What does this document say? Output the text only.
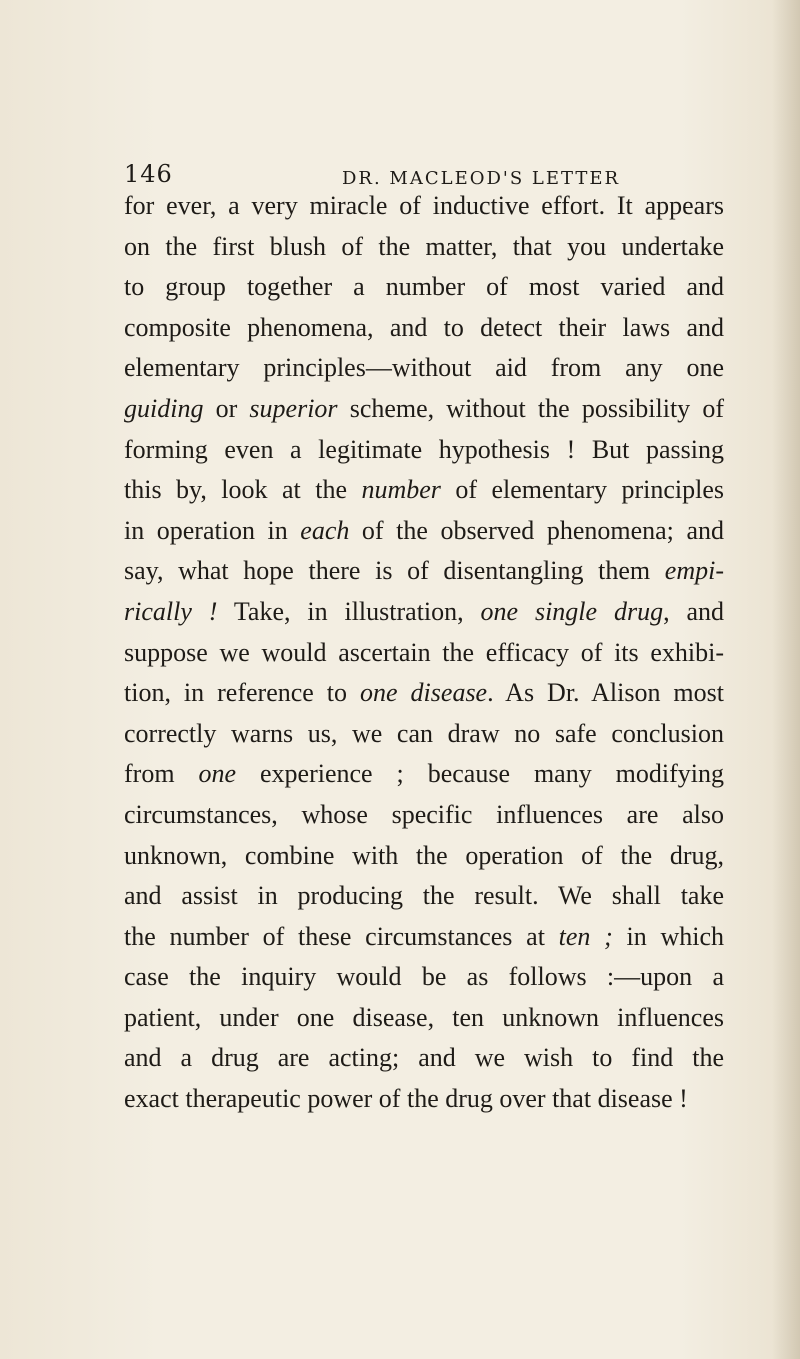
146	DR. MACLEOD'S LETTER
for ever, a very miracle of inductive effort. It appears
on the first blush of the matter, that you undertake
to group together a number of most varied and
composite phenomena, and to detect their laws and
elementary principles—without aid from any one
guiding or superior scheme, without the possibility of
forming even a legitimate hypothesis ! But passing
this by, look at the number of elementary principles
in operation in each of the observed phenomena; and
say, what hope there is of disentangling them empi-
rically ! Take, in illustration, one single drug, and
suppose we would ascertain the efficacy of its exhibi-
tion, in reference to one disease. As Dr. Alison most
correctly warns us, we can draw no safe conclusion
from one experience ; because many modifying
circumstances, whose specific influences are also
unknown, combine with the operation of the drug,
and assist in producing the result. We shall take
the number of these circumstances at ten ; in which
case the inquiry would be as follows :—upon a
patient, under one disease, ten unknown influences
and a drug are acting; and we wish to find the
exact therapeutic power of the drug over that disease !
